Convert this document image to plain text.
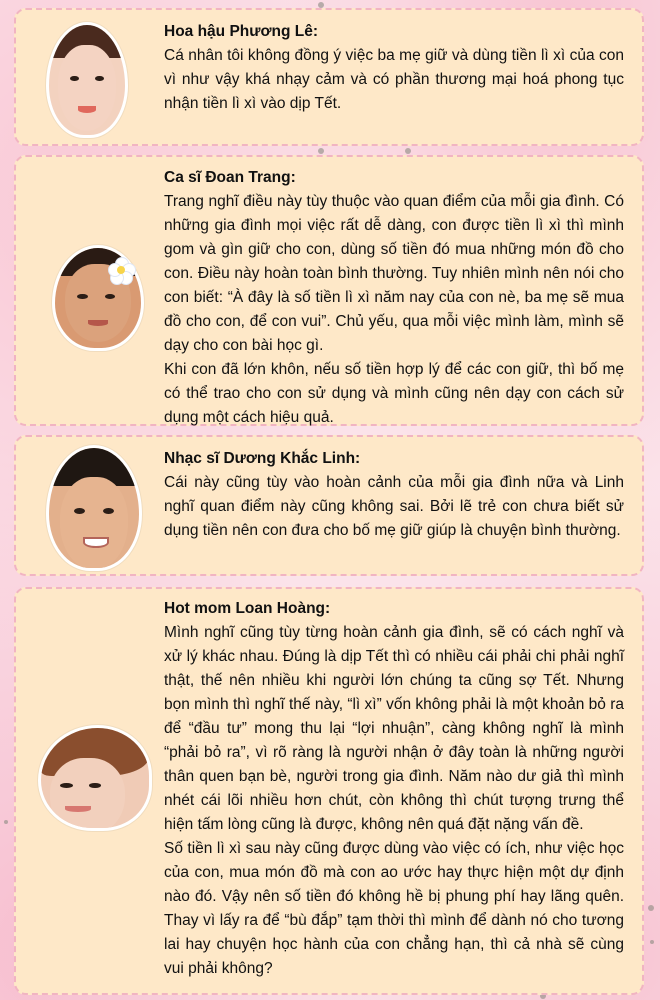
Hoa hậu Phương Lê:
Cá nhân tôi không đồng ý việc ba mẹ giữ và dùng tiền lì xì của con vì như vậy khá nhạy cảm và có phần thương mại hoá phong tục nhận tiền lì xì vào dịp Tết.
Ca sĩ Đoan Trang:
Trang nghĩ điều này tùy thuộc vào quan điểm của mỗi gia đình. Có những gia đình mọi việc rất dễ dàng, con được tiền lì xì thì mình gom và gìn giữ cho con, dùng số tiền đó mua những món đồ cho con. Điều này hoàn toàn bình thường. Tuy nhiên mình nên nói cho con biết: “À đây là số tiền lì xì năm nay của con nè, ba mẹ sẽ mua đồ cho con, để con vui”. Chủ yếu, qua mỗi việc mình làm, mình sẽ dạy cho con bài học gì.
Khi con đã lớn khôn, nếu số tiền hợp lý để các con giữ, thì bố mẹ có thể trao cho con sử dụng và mình cũng nên dạy con cách sử dụng một cách hiệu quả.
Nhạc sĩ Dương Khắc Linh:
Cái này cũng tùy vào hoàn cảnh của mỗi gia đình nữa và Linh nghĩ quan điểm này cũng không sai. Bởi lẽ trẻ con chưa biết sử dụng tiền nên con đưa cho bố mẹ giữ giúp là chuyện bình thường.
Hot mom Loan Hoàng:
Mình nghĩ cũng tùy từng hoàn cảnh gia đình, sẽ có cách nghĩ và xử lý khác nhau. Đúng là dịp Tết thì có nhiều cái phải chi phải nghĩ thật, thế nên nhiều khi người lớn chúng ta cũng sợ Tết. Nhưng bọn mình thì nghĩ thế này, “lì xì” vốn không phải là một khoản bỏ ra để “đầu tư” mong thu lại “lợi nhuận”, càng không nghĩ là mình “phải bỏ ra”, vì rõ ràng là người nhận ở đây toàn là những người thân quen bạn bè, người trong gia đình. Năm nào dư giả thì mình nhét cái lõi nhiều hơn chút, còn không thì chút tượng trưng thể hiện tấm lòng cũng là được, không nên quá đặt nặng vấn đề.
Số tiền lì xì sau này cũng được dùng vào việc có ích, như việc học của con, mua món đồ mà con ao ước hay thực hiện một dự định nào đó. Vậy nên số tiền đó không hề bị phung phí hay lãng quên. Thay vì lấy ra để “bù đắp” tạm thời thì mình để dành nó cho tương lai hay chuyện học hành của con chẳng hạn, thì cả nhà sẽ cùng vui phải không?
